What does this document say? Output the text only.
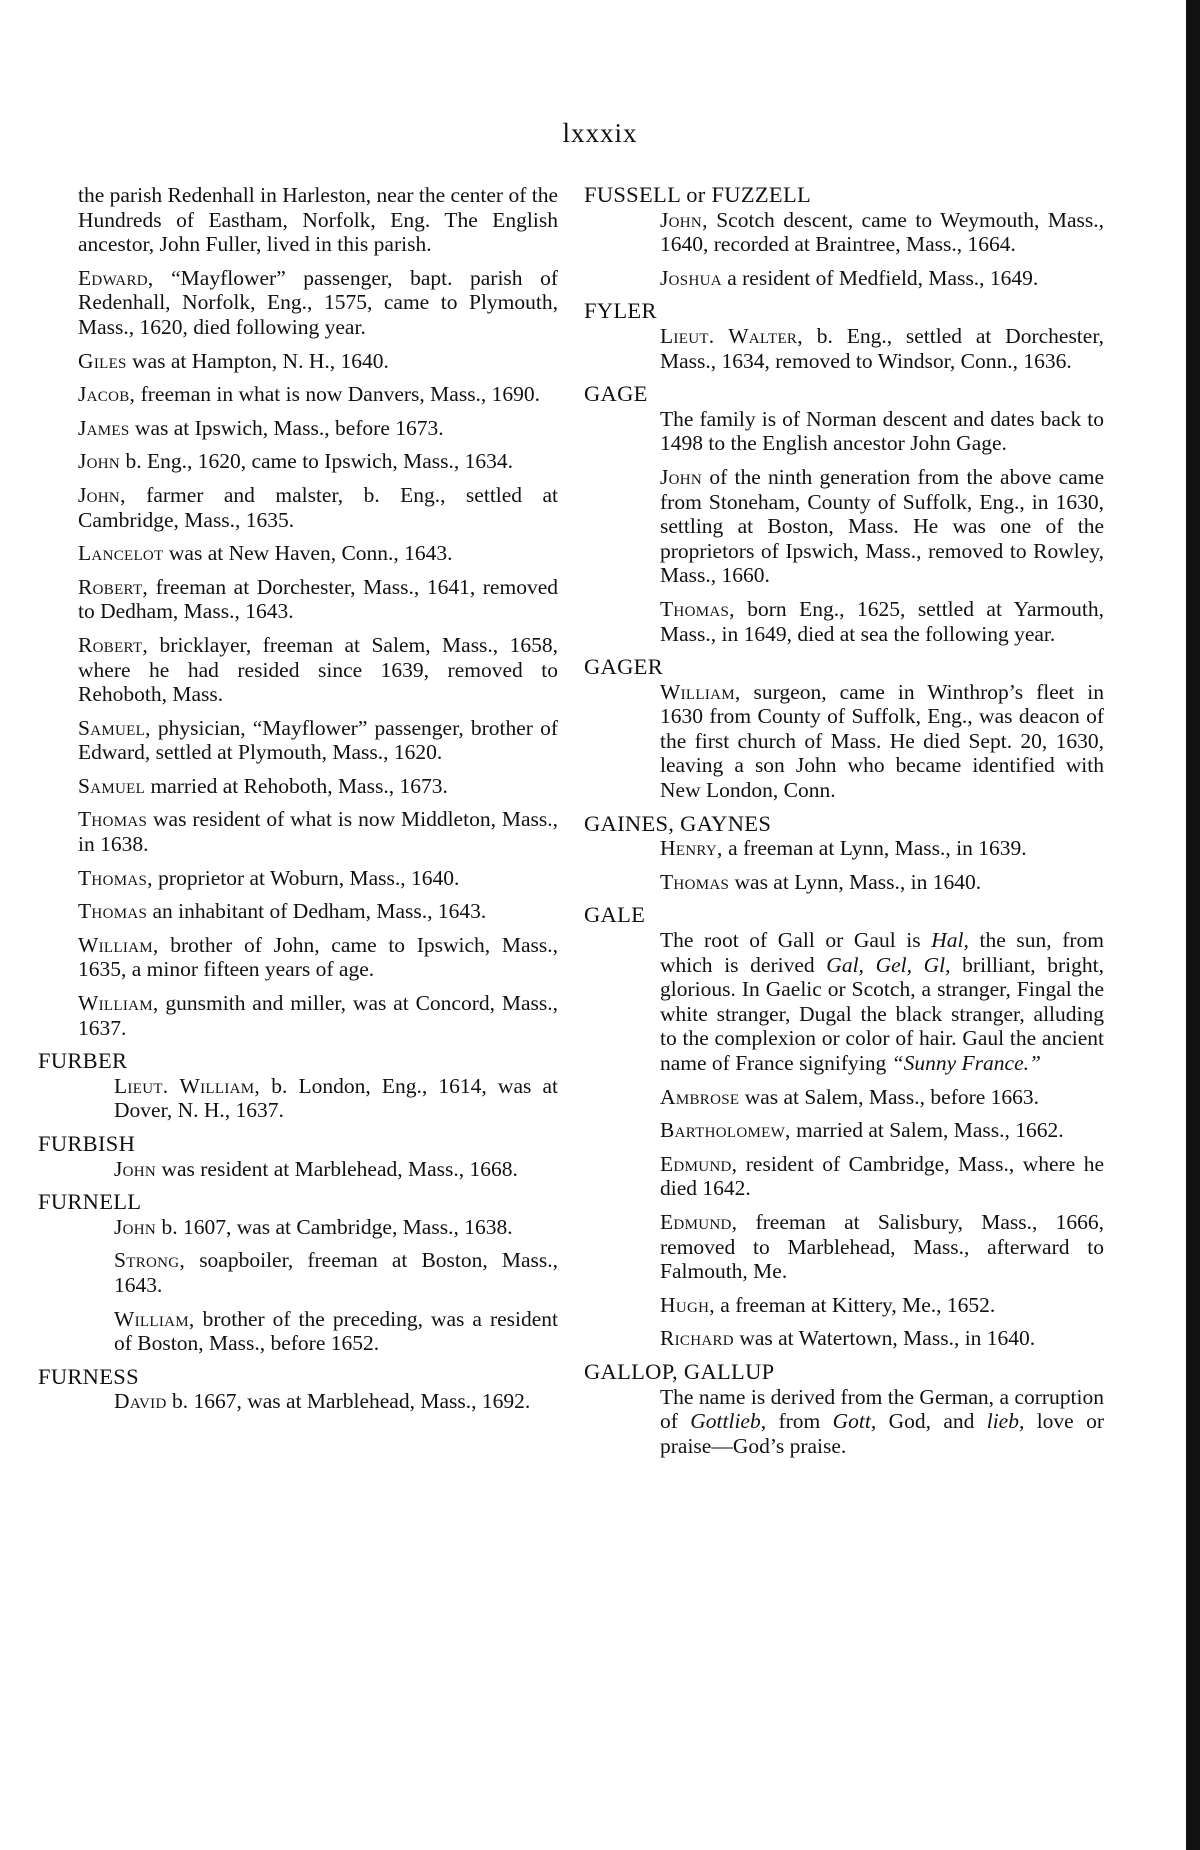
lxxxix
the parish Redenhall in Harleston, near the center of the Hundreds of Eastham, Norfolk, Eng. The English ancestor, John Fuller, lived in this parish.
Edward, “Mayflower” passenger, bapt. parish of Redenhall, Norfolk, Eng., 1575, came to Plymouth, Mass., 1620, died following year.
Giles was at Hampton, N. H., 1640.
Jacob, freeman in what is now Danvers, Mass., 1690.
James was at Ipswich, Mass., before 1673.
John b. Eng., 1620, came to Ipswich, Mass., 1634.
John, farmer and malster, b. Eng., settled at Cambridge, Mass., 1635.
Lancelot was at New Haven, Conn., 1643.
Robert, freeman at Dorchester, Mass., 1641, removed to Dedham, Mass., 1643.
Robert, bricklayer, freeman at Salem, Mass., 1658, where he had resided since 1639, removed to Rehoboth, Mass.
Samuel, physician, “Mayflower” passenger, brother of Edward, settled at Plymouth, Mass., 1620.
Samuel married at Rehoboth, Mass., 1673.
Thomas was resident of what is now Middleton, Mass., in 1638.
Thomas, proprietor at Woburn, Mass., 1640.
Thomas an inhabitant of Dedham, Mass., 1643.
William, brother of John, came to Ipswich, Mass., 1635, a minor fifteen years of age.
William, gunsmith and miller, was at Concord, Mass., 1637.
FURBER
Lieut. William, b. London, Eng., 1614, was at Dover, N. H., 1637.
FURBISH
John was resident at Marblehead, Mass., 1668.
FURNELL
John b. 1607, was at Cambridge, Mass., 1638.
Strong, soapboiler, freeman at Boston, Mass., 1643.
William, brother of the preceding, was a resident of Boston, Mass., before 1652.
FURNESS
David b. 1667, was at Marblehead, Mass., 1692.
FUSSELL or FUZZELL
John, Scotch descent, came to Weymouth, Mass., 1640, recorded at Braintree, Mass., 1664.
Joshua a resident of Medfield, Mass., 1649.
FYLER
Lieut. Walter, b. Eng., settled at Dorchester, Mass., 1634, removed to Windsor, Conn., 1636.
GAGE
The family is of Norman descent and dates back to 1498 to the English ancestor John Gage.
John of the ninth generation from the above came from Stoneham, County of Suffolk, Eng., in 1630, settling at Boston, Mass. He was one of the proprietors of Ipswich, Mass., removed to Rowley, Mass., 1660.
Thomas, born Eng., 1625, settled at Yarmouth, Mass., in 1649, died at sea the following year.
GAGER
William, surgeon, came in Winthrop’s fleet in 1630 from County of Suffolk, Eng., was deacon of the first church of Mass. He died Sept. 20, 1630, leaving a son John who became identified with New London, Conn.
GAINES, GAYNES
Henry, a freeman at Lynn, Mass., in 1639.
Thomas was at Lynn, Mass., in 1640.
GALE
The root of Gall or Gaul is Hal, the sun, from which is derived Gal, Gel, Gl, brilliant, bright, glorious. In Gaelic or Scotch, a stranger, Fingal the white stranger, Dugal the black stranger, alluding to the complexion or color of hair. Gaul the ancient name of France signifying “Sunny France.”
Ambrose was at Salem, Mass., before 1663.
Bartholomew, married at Salem, Mass., 1662.
Edmund, resident of Cambridge, Mass., where he died 1642.
Edmund, freeman at Salisbury, Mass., 1666, removed to Marblehead, Mass., afterward to Falmouth, Me.
Hugh, a freeman at Kittery, Me., 1652.
Richard was at Watertown, Mass., in 1640.
GALLOP, GALLUP
The name is derived from the German, a corruption of Gottlieb, from Gott, God, and lieb, love or praise—God’s praise.
